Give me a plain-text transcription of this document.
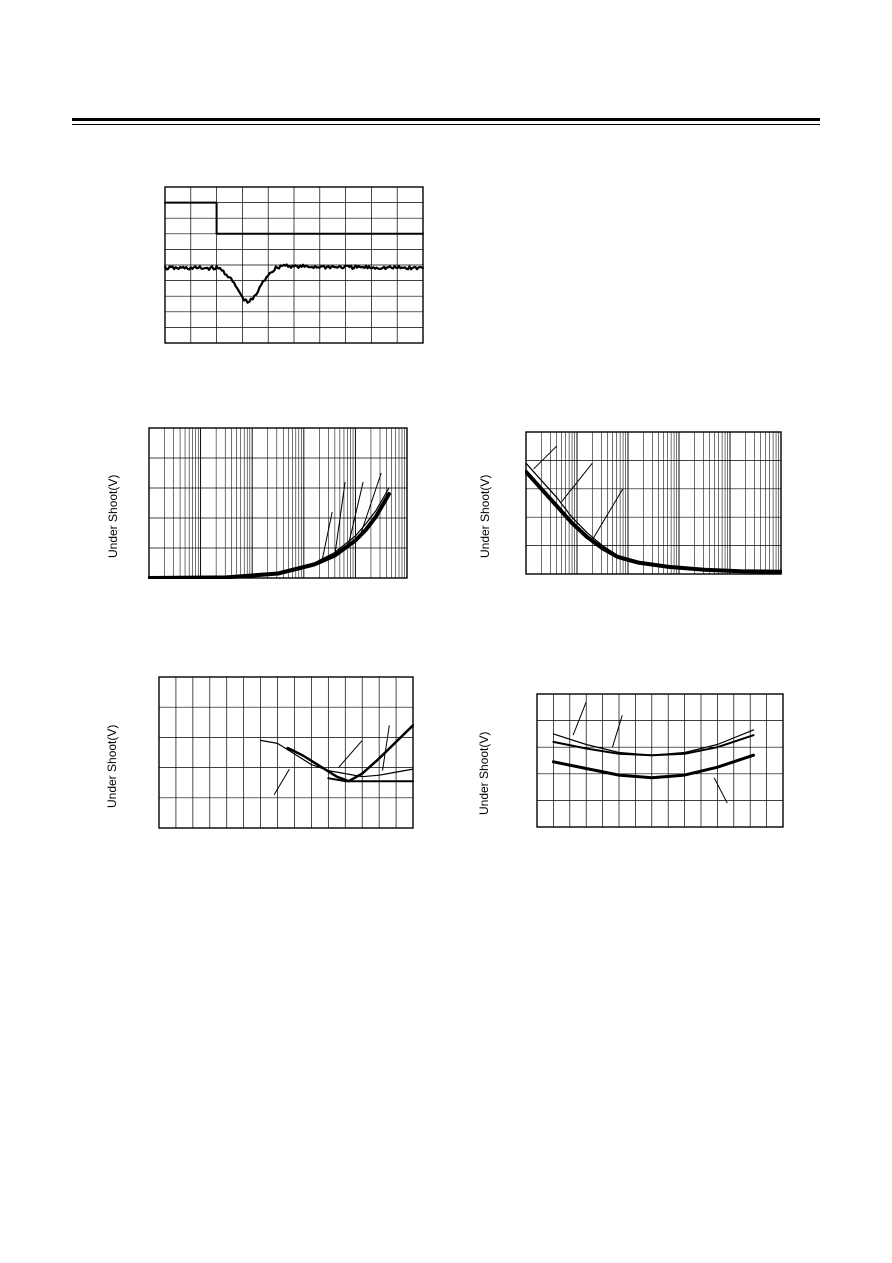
Under Shoot(V)	Under Shoot(V)
Under Shoot(V)	Under Shoot(V)
